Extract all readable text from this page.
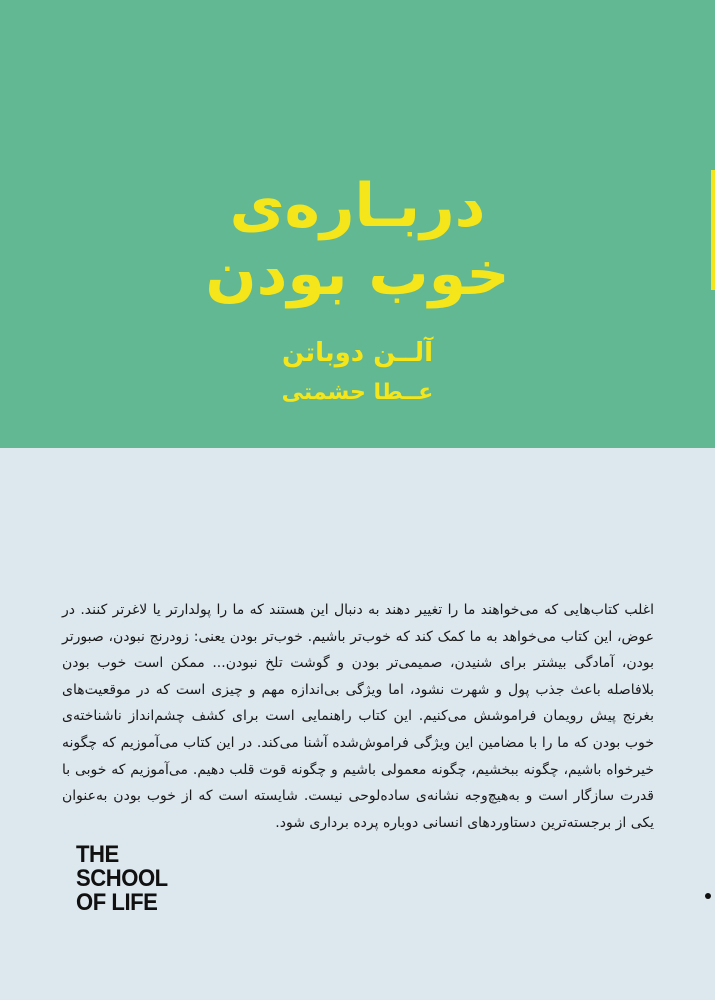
دربـاره‌ی
خوب بودن
آلــن دوباتن
عــطا حشمتی

اغلب کتاب‌هایی که می‌خواهند ما را تغییر دهند به دنبال این هستند که ما را پولدارتر یا لاغرتر کنند. در عوض، این کتاب می‌خواهد به ما کمک کند که خوب‌تر باشیم. خوب‌تر بودن یعنی: زودرنج نبودن، صبورتر بودن، آمادگی بیشتر برای شنیدن، صمیمی‌تر بودن و گوشت تلخ نبودن... ممکن است خوب بودن بلافاصله باعث جذب پول و شهرت نشود، اما ویژگی بی‌اندازه مهم و چیزی است که در موقعیت‌های بغرنج پیش رویمان فراموشش می‌کنیم. این کتاب راهنمایی است برای کشف چشم‌انداز ناشناخته‌ی خوب بودن که ما را با مضامین این ویژگی فراموش‌شده آشنا می‌کند. در این کتاب می‌آموزیم که چگونه خیرخواه باشیم، چگونه ببخشیم، چگونه معمولی باشیم و چگونه قوت قلب دهیم. می‌آموزیم که خوبی با قدرت سازگار است و به‌هیچ‌وجه نشانه‌ی ساده‌لوحی نیست. شایسته است که از خوب بودن به‌عنوان یکی از برجسته‌ترین دستاوردهای انسانی دوباره پرده برداری شود.

THE
SCHOOL
OF LIFE
